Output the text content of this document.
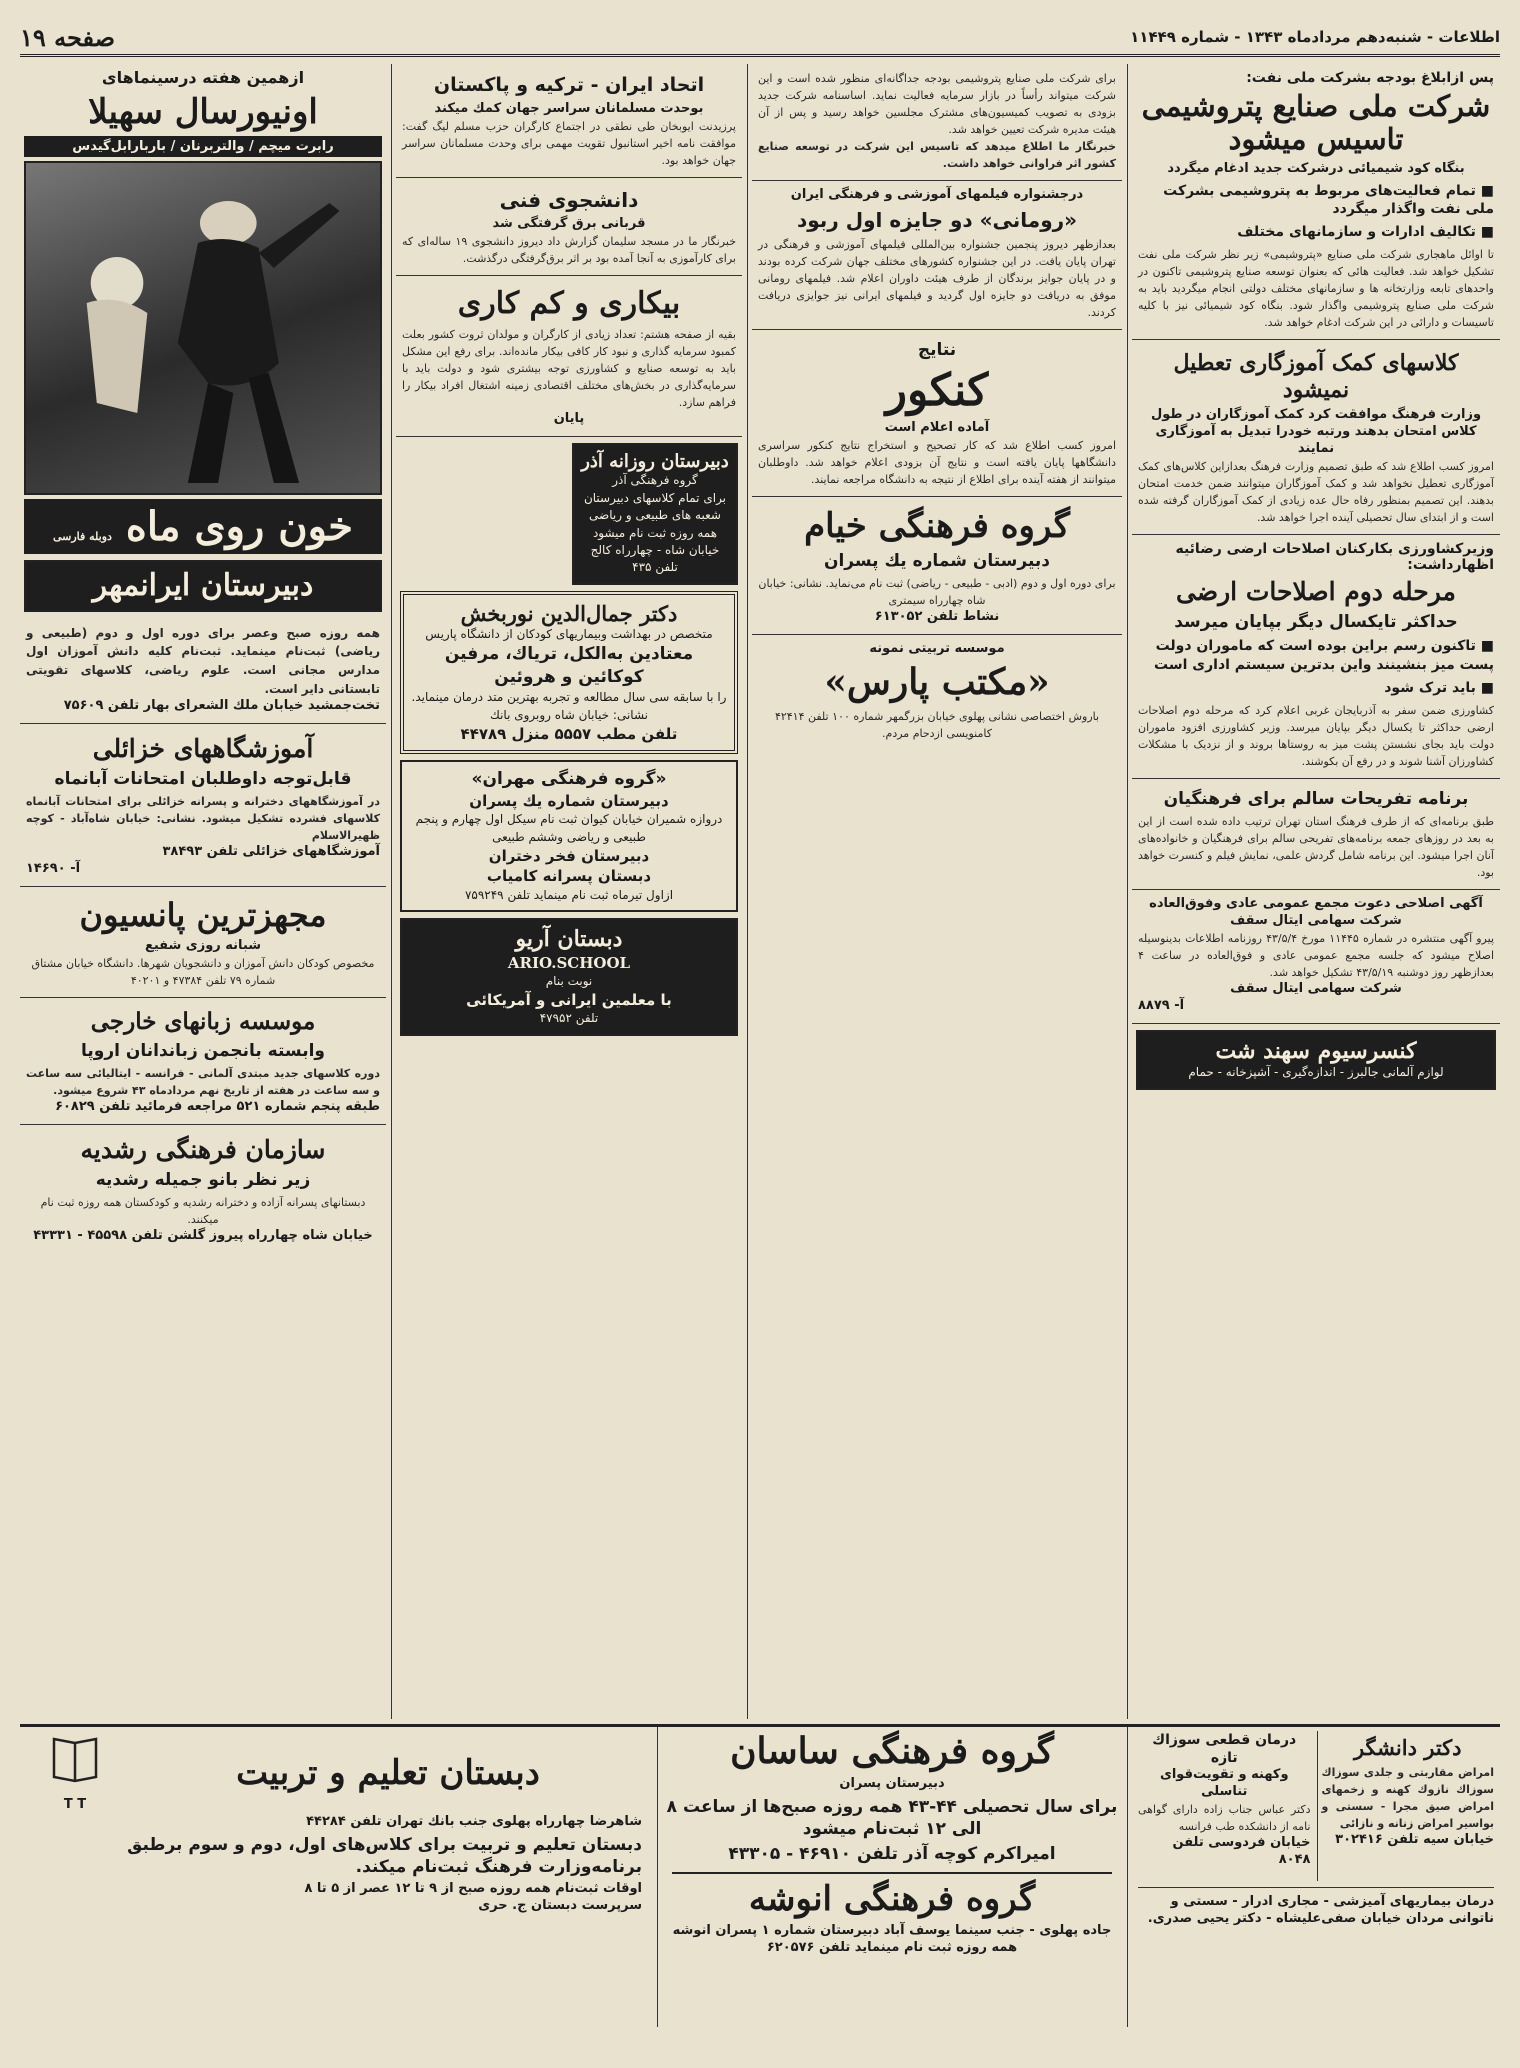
اطلاعات - شنبه‌دهم مردادماه ۱۳۴۳ - شماره ۱۱۴۴۹
صفحه ۱۹
پس ازابلاغ بودجه بشرکت ملی نفت:
شرکت ملی صنایع پتروشیمی تاسیس میشود
بنگاه کود شیمیائی درشرکت جدید ادغام میگردد
■ تمام فعالیت‌های مربوط به پتروشیمی بشرکت ملی نفت واگذار میگردد
■ تکالیف ادارات و سازمانهای مختلف
تا اوائل ماهجاری شرکت ملی صنایع «پتروشیمی» زیر نظر شرکت ملی نفت تشکیل خواهد شد. فعالیت هائی که بعنوان توسعه صنایع پتروشیمی تاکنون در واحدهای تابعه وزارتخانه ها و سازمانهای مختلف دولتی انجام میگردید باید به شرکت ملی صنایع پتروشیمی واگذار شود. بنگاه کود شیمیائی نیز با کلیه تاسیسات و دارائی در این شرکت ادغام خواهد شد.
کلاسهای کمک آموزگاری تعطیل نمیشود
وزارت فرهنگ موافقت کرد کمک آموزگاران در طول کلاس امتحان بدهند ورتبه خودرا تبدیل به آموزگاری نمایند
امروز کسب اطلاع شد که طبق تصمیم وزارت فرهنگ بعدازاین کلاس‌های کمک آموزگاری تعطیل نخواهد شد و کمک آموزگاران میتوانند ضمن خدمت امتحان بدهند. این تصمیم بمنظور رفاه حال عده زیادی از کمک آموزگاران گرفته شده است و از ابتدای سال تحصیلی آینده اجرا خواهد شد.
وزیرکشاورزی بکارکنان اصلاحات ارضی رضائیه اظهارداشت:
مرحله دوم اصلاحات ارضی
حداکثر تایکسال دیگر بپایان میرسد
■ تاکنون رسم براین بوده است که ماموران دولت پست میز بنشینند واین بدترین سیستم اداری است
■ باید ترک شود
کشاورزی ضمن سفر به آذربایجان غربی اعلام کرد که مرحله دوم اصلاحات ارضی حداکثر تا یکسال دیگر بپایان میرسد. وزیر کشاورزی افزود ماموران دولت باید بجای نشستن پشت میز به روستاها بروند و از نزدیک با مشکلات کشاورزان آشنا شوند و در رفع آن بکوشند.
برنامه تفریحات سالم برای فرهنگیان
طبق برنامه‌ای که از طرف فرهنگ استان تهران ترتیب داده شده است از این به بعد در روزهای جمعه برنامه‌های تفریحی سالم برای فرهنگیان و خانواده‌های آنان اجرا میشود. این برنامه شامل گردش علمی، نمایش فیلم و کنسرت خواهد بود.
آگهی اصلاحی دعوت مجمع عمومی عادی وفوق‌العاده شرکت سهامی ایتال سقف
پیرو آگهی منتشره در شماره ۱۱۴۴۵ مورخ ۴۳/۵/۴ روزنامه اطلاعات بدینوسیله اصلاح میشود که جلسه مجمع عمومی عادی و فوق‌العاده در ساعت ۴ بعدازظهر روز دوشنبه ۴۳/۵/۱۹ تشکیل خواهد شد.
شرکت سهامی ایتال سقف
آ- ۸۸۷۹
کنسرسیوم سهند شت
لوازم آلمانی جالبرز - اندازه‌گیری - آشپزخانه - حمام
برای شرکت ملی صنایع پتروشیمی بودجه جداگانه‌ای منظور شده است و این شرکت میتواند رأساً در بازار سرمایه فعالیت نماید. اساسنامه شرکت جدید بزودی به تصویب کمیسیون‌های مشترک مجلسین خواهد رسید و پس از آن هیئت مدیره شرکت تعیین خواهد شد.
خبرنگار ما اطلاع میدهد که تاسیس این شرکت در توسعه صنایع کشور اثر فراوانی خواهد داشت.
درجشنواره فیلمهای آموزشی و فرهنگی ایران
«رومانی» دو جایزه اول ربود
بعدازظهر دیروز پنجمین جشنواره بین‌المللی فیلمهای آموزشی و فرهنگی در تهران پایان یافت. در این جشنواره کشورهای مختلف جهان شرکت کرده بودند و در پایان جوایز برندگان از طرف هیئت داوران اعلام شد. فیلمهای رومانی موفق به دریافت دو جایزه اول گردید و فیلمهای ایرانی نیز جوایزی دریافت کردند.
نتایج
کنکور
آماده اعلام است
امروز کسب اطلاع شد که کار تصحیح و استخراج نتایج کنکور سراسری دانشگاهها پایان یافته است و نتایج آن بزودی اعلام خواهد شد. داوطلبان میتوانند از هفته آینده برای اطلاع از نتیجه به دانشگاه مراجعه نمایند.
گروه فرهنگی خیام
دبیرستان شماره یك پسران
برای دوره اول و دوم (ادبی - طبیعی - ریاضی) ثبت نام می‌نماید. نشانی: خیابان شاه چهارراه سیمتری
نشاط تلفن ۶۱۳۰۵۲
موسسه تربیتی نمونه
«مکتب پارس»
باروش اختصاصی نشانی پهلوی خیابان بزرگمهر شماره ۱۰۰ تلفن ۴۲۴۱۴ کامنویسی ازدحام مردم.
اتحاد ایران - ترکیه و پاکستان
بوحدت مسلمانان سراسر جهان کمك میکند
پرزیدنت ایوبخان طی نطقی در اجتماع کارگران حزب مسلم لیگ گفت: موافقت نامه اخیر استانبول تقویت مهمی برای وحدت مسلمانان سراسر جهان خواهد بود.
دانشجوی فنی
قربانی برق گرفتگی شد
خبرنگار ما در مسجد سلیمان گزارش داد دیروز دانشجوی ۱۹ ساله‌ای که برای کارآموزی به آنجا آمده بود بر اثر برق‌گرفتگی درگذشت.
بیکاری و کم کاری
بقیه از صفحه هشتم: تعداد زیادی از کارگران و مولدان ثروت کشور بعلت کمبود سرمایه گذاری و نبود کار کافی بیکار مانده‌اند. برای رفع این مشکل باید به توسعه صنایع و کشاورزی توجه بیشتری شود و دولت باید با سرمایه‌گذاری در بخش‌های مختلف اقتصادی زمینه اشتغال افراد بیکار را فراهم سازد.
پایان
دبیرستان روزانه آذر
گروه فرهنگی آذر
برای تمام کلاسهای دبیرستان شعبه های طبیعی و ریاضی همه روزه ثبت نام میشود
خیابان شاه - چهارراه کالج تلفن ۴۳۵
دکتر جمال‌الدین نوربخش
متخصص در بهداشت وبیماریهای کودکان از دانشگاه پاریس
معتادین به‌الکل، تریاك، مرفین کوکائین و هروئین
را با سابقه سی سال مطالعه و تجربه بهترین متد درمان مینماید. نشانی: خیابان شاه روبروی بانك
تلفن مطب ۵۵۵۷ منزل ۴۴۷۸۹
«گروه فرهنگی مهران»
دبیرستان شماره یك پسران
دروازه شمیران خیابان کیوان ثبت نام سیکل اول چهارم و پنجم طبیعی و ریاضی وششم طبیعی
دبیرستان فخر دختران
دبستان پسرانه کامیاب
ازاول تیرماه ثبت نام مینماید تلفن ۷۵۹۲۴۹
دبستان آریو
ARIO.SCHOOL
نوبت بنام
با معلمین ایرانی و آمریکائی
تلفن ۴۷۹۵۲
ازهمین هفته درسینماهای
اونیورسال سهیلا
رابرت میچم / والتربرنان / باربارابل‌گیدس
خون روی ماه دوبله فارسی
دبیرستان ایرانمهر
همه روزه صبح وعصر برای دوره اول و دوم (طبیعی و ریاضی) ثبت‌نام مینماید. ثبت‌نام کلیه دانش آموزان اول مدارس مجانی است. علوم ریاضی، کلاسهای تقویتی تابستانی دایر است.
تخت‌جمشید خیابان ملك الشعرای بهار تلفن ۷۵۶۰۹
آموزشگاههای خزائلی
قابل‌توجه داوطلبان امتحانات آبانماه
در آموزشگاههای دخترانه و پسرانه خزائلی برای امتحانات آبانماه کلاسهای فشرده تشکیل میشود. نشانی: خیابان شاه‌آباد - کوچه ظهیرالاسلام
آموزشگاههای خزائلی تلفن ۳۸۴۹۳
آ- ۱۴۶۹۰
مجهزترین پانسیون
شبانه روزی شفیع
مخصوص کودکان دانش آموزان و دانشجویان شهرها. دانشگاه خیابان مشتاق شماره ۷۹ تلفن ۴۷۳۸۴ و ۴۰۲۰۱
موسسه زبانهای خارجی
وابسته بانجمن زباندانان اروپا
دوره کلاسهای جدید مبتدی آلمانی - فرانسه - ایتالیائی سه ساعت و سه ساعت در هفته از تاریخ نهم مردادماه ۴۳ شروع میشود.
طبقه پنجم شماره ۵۲۱ مراجعه فرمائید تلفن ۶۰۸۲۹
سازمان فرهنگی رشدیه
زیر نظر بانو جمیله رشدیه
دبستانهای پسرانه آزاده و دخترانه رشدیه و کودکستان همه روزه ثبت نام میکنند.
خیابان شاه چهارراه پیروز گلشن تلفن ۴۵۵۹۸ - ۴۳۳۳۱
دکتر دانشگر
امراض مقاربتی و جلدی سوزاك سوزاك نازوك کهنه و زخمهای امراض صیق مجرا - سستی و بواسیر امراض زنانه و نازائی
خیابان سیه تلفن ۳۰۲۴۱۶
درمان قطعی سوزاك تازه
وکهنه و تقویت‌قوای تناسلی
دکتر عباس جناب زاده دارای گواهی نامه از دانشکده طب فرانسه
خیابان فردوسی تلفن ۸۰۴۸
درمان بیماریهای آمیزشی - مجاری ادرار - سستی و ناتوانی مردان خیابان صفی‌علیشاه - دکتر یحیی صدری.
گروه فرهنگی ساسان
دبیرستان پسران
برای سال تحصیلی ۴۴-۴۳ همه روزه صبح‌ها از ساعت ۸ الی ۱۲ ثبت‌نام میشود
امیراکرم کوچه آذر تلفن ۴۶۹۱۰ - ۴۳۳۰۵
گروه فرهنگی انوشه
جاده پهلوی - جنب سینما یوسف آباد دبیرستان شماره ۱ پسران انوشه
همه روزه ثبت نام مینماید تلفن ۶۲۰۵۷۶
دبستان تعلیم و تربیت
T T
شاهرضا چهارراه پهلوی جنب بانك تهران تلفن ۴۴۲۸۴
دبستان تعلیم و تربیت برای کلاس‌های اول، دوم و سوم برطبق برنامه‌وزارت فرهنگ ثبت‌نام میکند.
اوقات ثبت‌نام همه روزه صبح از ۹ تا ۱۲ عصر از ۵ تا ۸
سرپرست دبستان ج. حری
